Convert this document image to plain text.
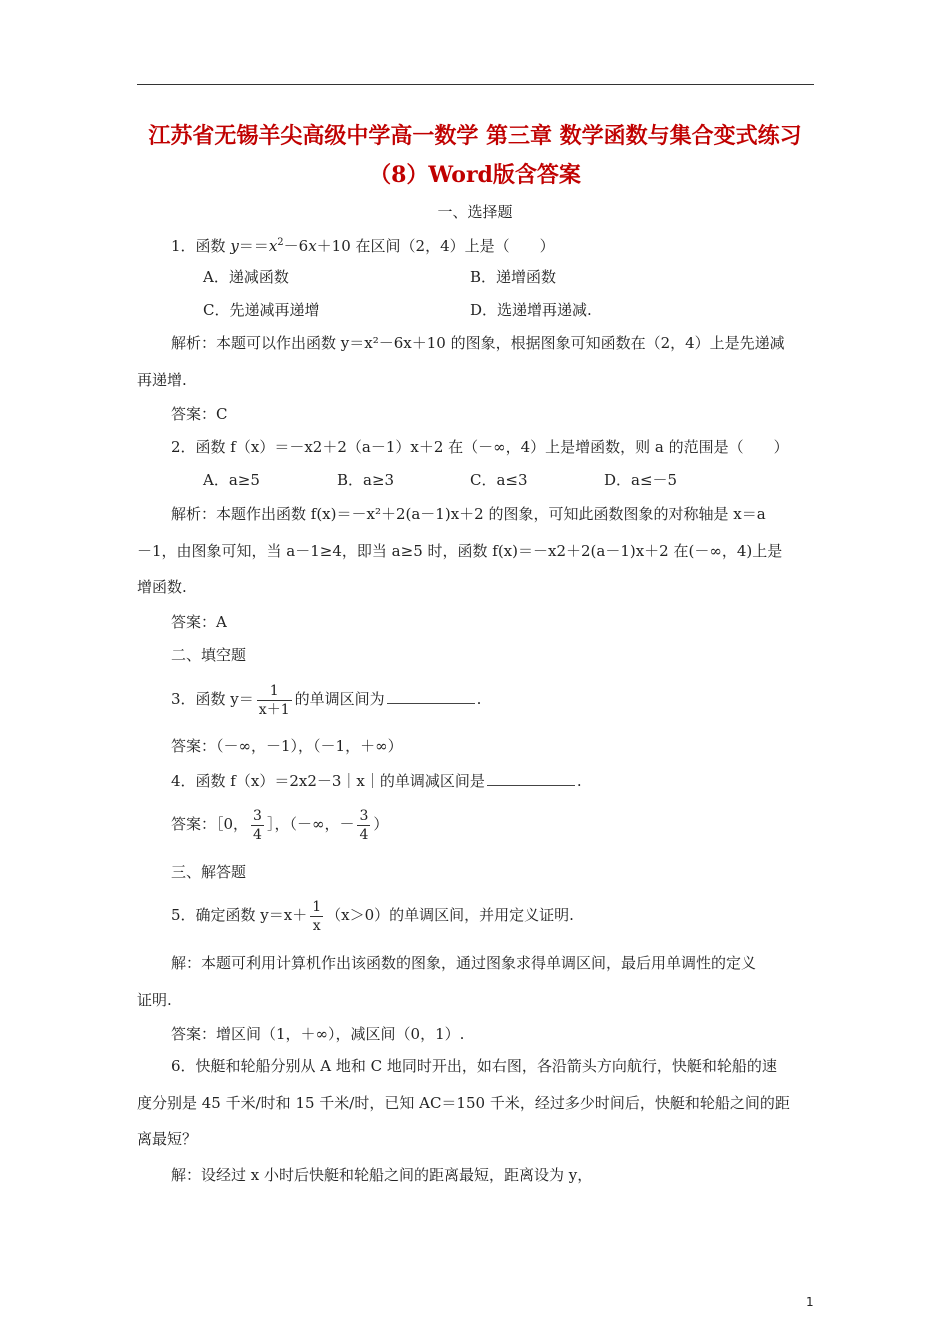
江苏省无锡羊尖高级中学高一数学 第三章 数学函数与集合变式练习
（8）Word版含答案
一、选择题
1．函数 $y==x^2-6x+10$ 在区间（2，4）上是（　　）
A．递减函数	B．递增函数
C．先递减再递增	D．选递增再递减.
解析：本题可以作出函数 y＝x²－6x＋10 的图象，根据图象可知函数在（2，4）上是先递减
再递增.
答案：C
2．函数 f（x）＝－x2＋2（a－1）x＋2 在（－∞，4）上是增函数，则 a 的范围是（　　）
A．a≥5	B．a≥3	C．a≤3	D．a≤－5
解析：本题作出函数 f(x)＝－x²＋2(a－1)x＋2 的图象，可知此函数图象的对称轴是 x＝a
－1，由图象可知，当 a－1≥4，即当 a≥5 时，函数 f(x)＝－x2＋2(a－1)x＋2 在(－∞，4)上是
增函数.
答案：A
二、填空题
3．函数 $y= \frac{1}{x+1}$ 的单调区间为	.
答案：（－∞，－1），（－1，＋∞）
4．函数 f（x）＝2x2－3｜x｜的单调减区间是	.
答案：［0， $\frac{3}{4}$ ］，（－∞，－ $\frac{3}{4}$ ）
三、解答题
5．确定函数 $y=x+ \frac{1}{x} (x>0)$的单调区间，并用定义证明.
解：本题可利用计算机作出该函数的图象，通过图象求得单调区间，最后用单调性的定义
证明.
答案：增区间（1，＋∞），减区间（0，1）.
6．快艇和轮船分别从 A 地和 C 地同时开出，如右图，各沿箭头方向航行，快艇和轮船的速
度分别是 45 千米/时和 15 千米/时，已知 AC＝150 千米，经过多少时间后，快艇和轮船之间的距
离最短？
解：设经过 x 小时后快艇和轮船之间的距离最短，距离设为 y，
1
